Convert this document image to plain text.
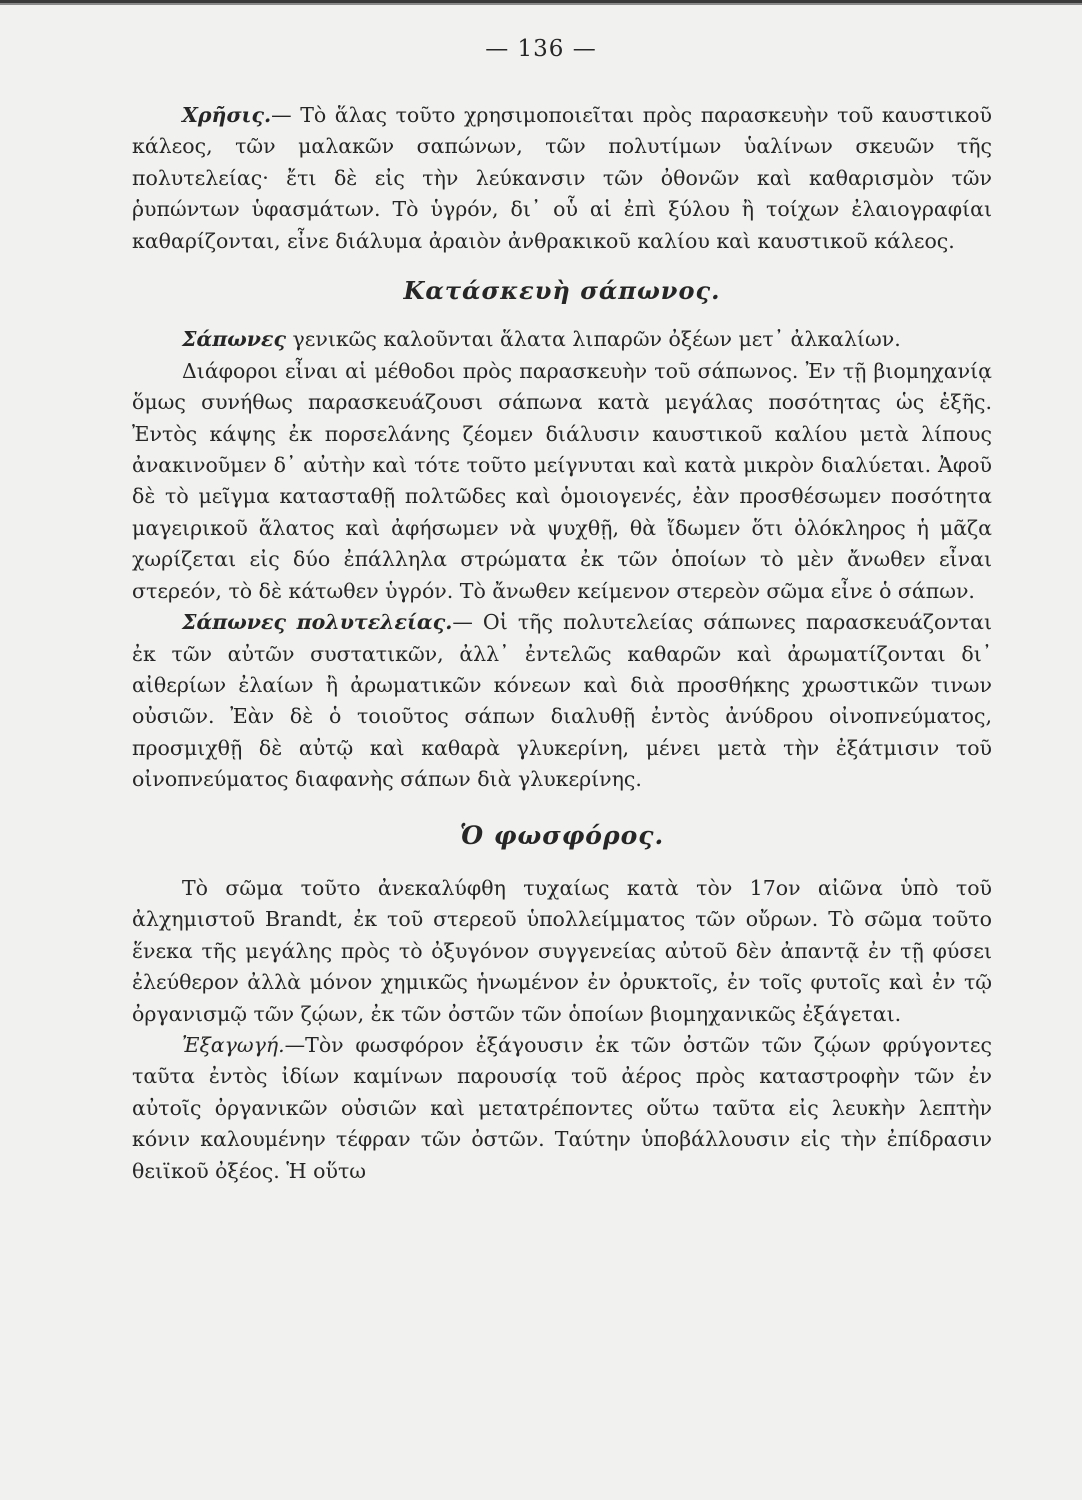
— 136 —

Χρῆσις.— Τὸ ἅλας τοῦτο χρησιμοποιεῖται πρὸς παρασκευὴν τοῦ καυστικοῦ κάλεος, τῶν μαλακῶν σαπώνων, τῶν πολυτίμων ὑαλίνων σκευῶν τῆς πολυτελείας· ἔτι δὲ εἰς τὴν λεύκανσιν τῶν ὀθονῶν καὶ καθαρισμὸν τῶν ῥυπώντων ὑφασμάτων. Τὸ ὑγρόν, δι᾽ οὗ αἱ ἐπὶ ξύλου ἢ τοίχων ἐλαιογραφίαι καθαρίζονται, εἶνε διάλυμα ἀραιὸν ἀνθρακικοῦ καλίου καὶ καυστικοῦ κάλεος.

Κατάσκευὴ σάπωνος.

Σάπωνες γενικῶς καλοῦνται ἅλατα λιπαρῶν ὀξέων μετ᾽ ἀλκαλίων.

Διάφοροι εἶναι αἱ μέθοδοι πρὸς παρασκευὴν τοῦ σάπωνος. Ἐν τῇ βιομηχανίᾳ ὅμως συνήθως παρασκευάζουσι σάπωνα κατὰ μεγάλας ποσότητας ὡς ἑξῆς. Ἐντὸς κάψης ἐκ πορσελάνης ζέομεν διάλυσιν καυστικοῦ καλίου μετὰ λίπους ἀνακινοῦμεν δ᾽ αὐτὴν καὶ τότε τοῦτο μείγνυται καὶ κατὰ μικρὸν διαλύεται. Ἀφοῦ δὲ τὸ μεῖγμα κατασταθῇ πολτῶδες καὶ ὁμοιογενές, ἐὰν προσθέσωμεν ποσότητα μαγειρικοῦ ἅλατος καὶ ἀφήσωμεν νὰ ψυχθῇ, θὰ ἴδωμεν ὅτι ὁλόκληρος ἡ μᾶζα χωρίζεται εἰς δύο ἐπάλληλα στρώματα ἐκ τῶν ὁποίων τὸ μὲν ἄνωθεν εἶναι στερεόν, τὸ δὲ κάτωθεν ὑγρόν. Τὸ ἄνωθεν κείμενον στερεὸν σῶμα εἶνε ὁ σάπων.

Σάπωνες πολυτελείας.— Οἱ τῆς πολυτελείας σάπωνες παρασκευάζονται ἐκ τῶν αὐτῶν συστατικῶν, ἀλλ᾽ ἐντελῶς καθαρῶν καὶ ἀρωματίζονται δι᾽ αἰθερίων ἐλαίων ἢ ἀρωματικῶν κόνεων καὶ διὰ προσθήκης χρωστικῶν τινων οὐσιῶν. Ἐὰν δὲ ὁ τοιοῦτος σάπων διαλυθῇ ἐντὸς ἀνύδρου οἰνοπνεύματος, προσμιχθῇ δὲ αὐτῷ καὶ καθαρὰ γλυκερίνη, μένει μετὰ τὴν ἐξάτμισιν τοῦ οἰνοπνεύματος διαφανὴς σάπων διὰ γλυκερίνης.

Ὁ φωσφόρος.

Τὸ σῶμα τοῦτο ἀνεκαλύφθη τυχαίως κατὰ τὸν 17ον αἰῶνα ὑπὸ τοῦ ἀλχημιστοῦ Brandt, ἐκ τοῦ στερεοῦ ὑπολλείμματος τῶν οὔρων. Τὸ σῶμα τοῦτο ἕνεκα τῆς μεγάλης πρὸς τὸ ὀξυγόνον συγγενείας αὐτοῦ δὲν ἀπαντᾷ ἐν τῇ φύσει ἐλεύθερον ἀλλὰ μόνον χημικῶς ἡνωμένον ἐν ὀρυκτοῖς, ἐν τοῖς φυτοῖς καὶ ἐν τῷ ὀργανισμῷ τῶν ζῴων, ἐκ τῶν ὀστῶν τῶν ὁποίων βιομηχανικῶς ἐξάγεται.

Ἐξαγωγή.—Τὸν φωσφόρον ἐξάγουσιν ἐκ τῶν ὀστῶν τῶν ζῴων φρύγοντες ταῦτα ἐντὸς ἰδίων καμίνων παρουσίᾳ τοῦ ἀέρος πρὸς καταστροφὴν τῶν ἐν αὐτοῖς ὀργανικῶν οὐσιῶν καὶ μετατρέποντες οὕτω ταῦτα εἰς λευκὴν λεπτὴν κόνιν καλουμένην τέφραν τῶν ὀστῶν. Ταύτην ὑποβάλλουσιν εἰς τὴν ἐπίδρασιν θειϊκοῦ ὀξέος. Ἡ οὕτω
